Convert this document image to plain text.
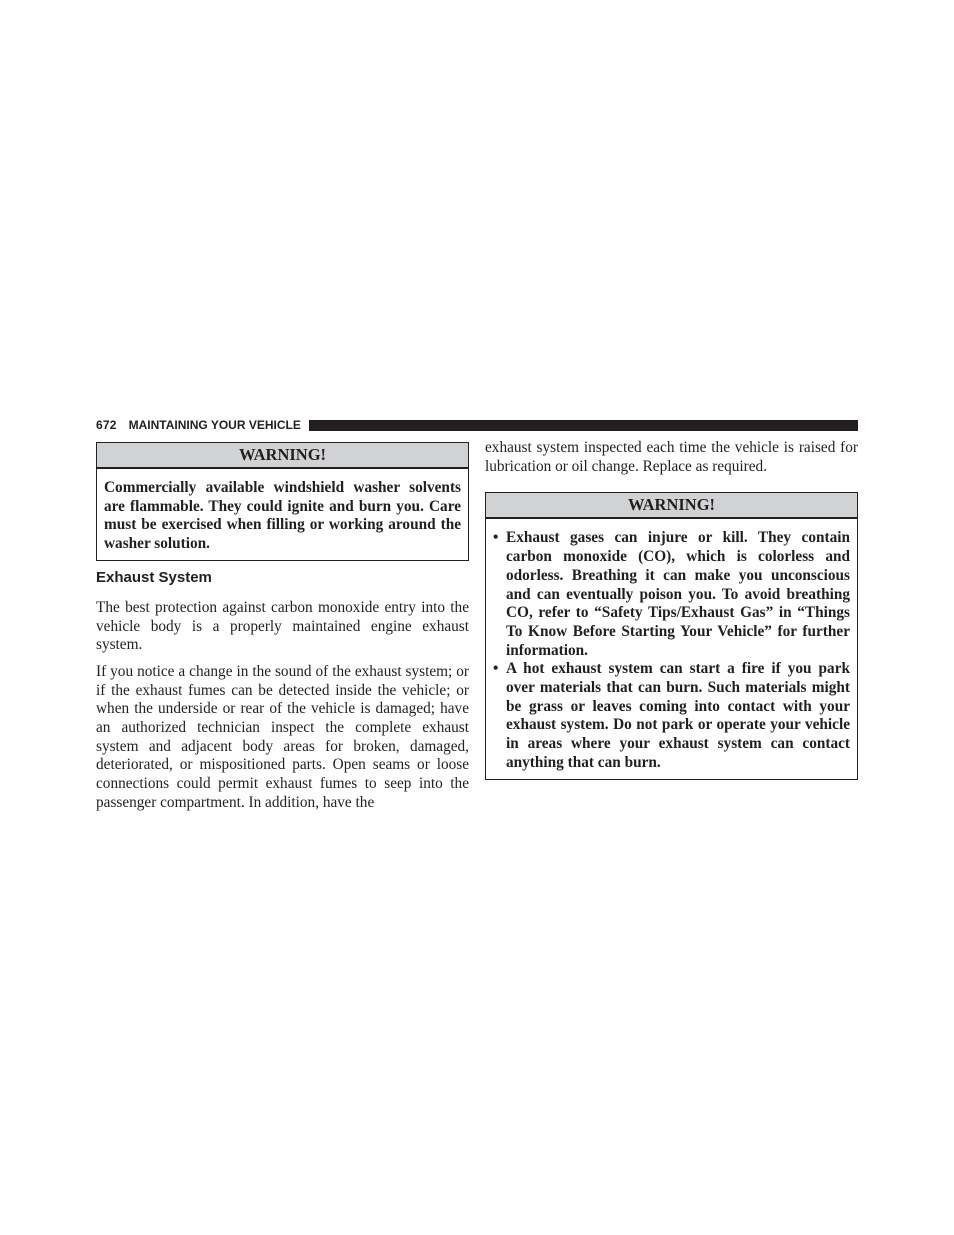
672 MAINTAINING YOUR VEHICLE
WARNING!

Commercially available windshield washer solvents are flammable. They could ignite and burn you. Care must be exercised when filling or working around the washer solution.

Exhaust System

The best protection against carbon monoxide entry into the vehicle body is a properly maintained engine exhaust system.

If you notice a change in the sound of the exhaust system; or if the exhaust fumes can be detected inside the vehicle; or when the underside or rear of the vehicle is damaged; have an authorized technician inspect the complete exhaust system and adjacent body areas for broken, damaged, deteriorated, or mispositioned parts. Open seams or loose connections could permit exhaust fumes to seep into the passenger compartment. In addition, have the

exhaust system inspected each time the vehicle is raised for lubrication or oil change. Replace as required.

WARNING!
• Exhaust gases can injure or kill. They contain carbon monoxide (CO), which is colorless and odorless. Breathing it can make you unconscious and can eventually poison you. To avoid breathing CO, refer to “Safety Tips/Exhaust Gas” in “Things To Know Before Starting Your Vehicle” for further information.
• A hot exhaust system can start a fire if you park over materials that can burn. Such materials might be grass or leaves coming into contact with your exhaust system. Do not park or operate your vehicle in areas where your exhaust system can contact anything that can burn.
